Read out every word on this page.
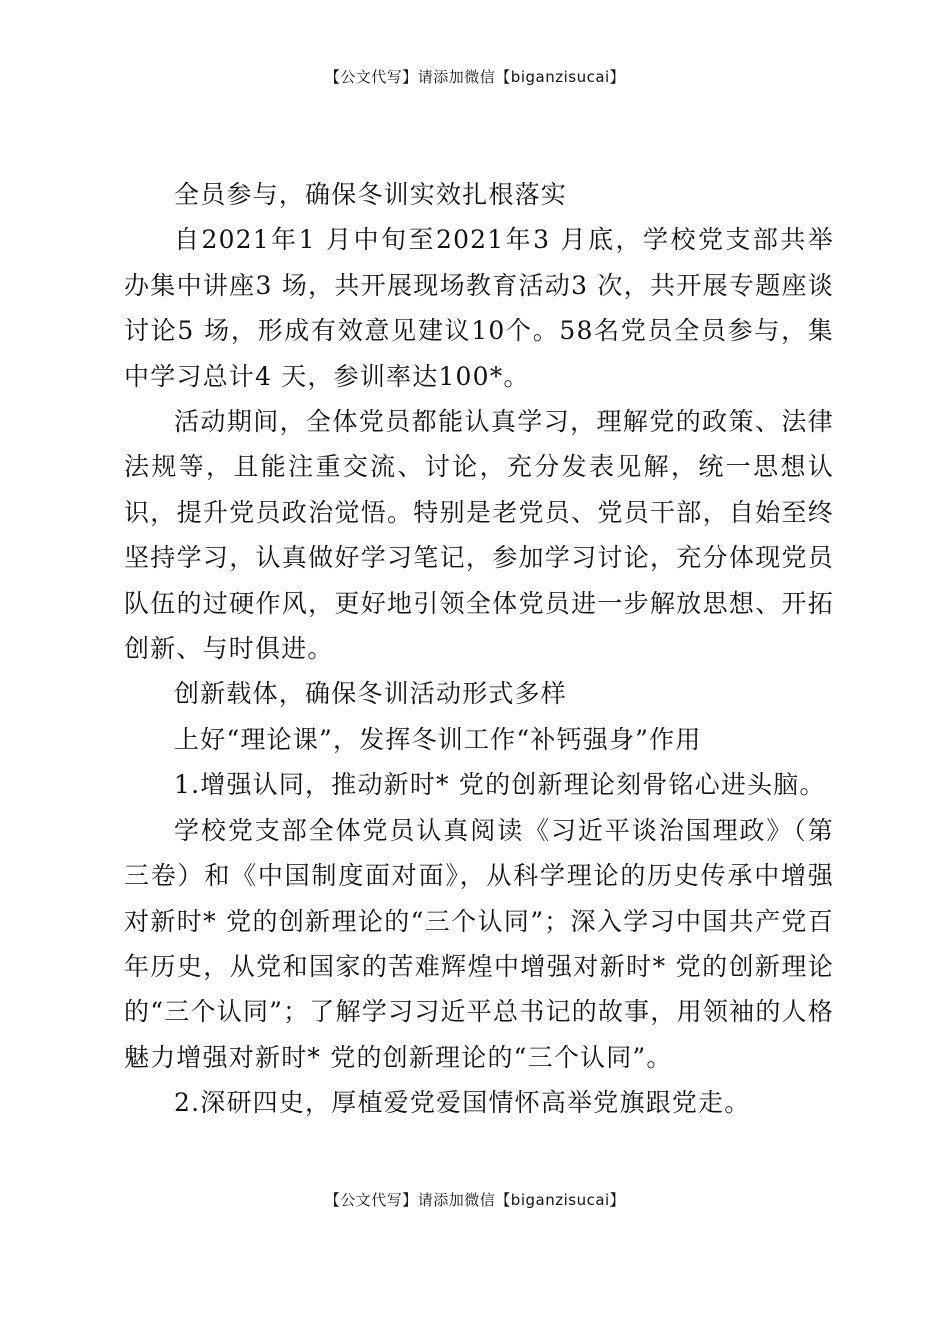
【公文代写】请添加微信【biganzisucai】

全员参与，确保冬训实效扎根落实

自2021年1 月中旬至2021年3 月底，学校党支部共举办集中讲座3 场，共开展现场教育活动3 次，共开展专题座谈讨论5 场，形成有效意见建议10个。58名党员全员参与，集中学习总计4 天，参训率达100*。

活动期间，全体党员都能认真学习，理解党的政策、法律法规等，且能注重交流、讨论，充分发表见解，统一思想认识，提升党员政治觉悟。特别是老党员、党员干部，自始至终坚持学习，认真做好学习笔记，参加学习讨论，充分体现党员队伍的过硬作风，更好地引领全体党员进一步解放思想、开拓创新、与时俱进。

创新载体，确保冬训活动形式多样

上好“理论课”，发挥冬训工作“补钙强身”作用

1.增强认同，推动新时* 党的创新理论刻骨铭心进头脑。

学校党支部全体党员认真阅读《习近平谈治国理政》（第三卷）和《中国制度面对面》，从科学理论的历史传承中增强对新时* 党的创新理论的“三个认同”；深入学习中国共产党百年历史，从党和国家的苦难辉煌中增强对新时* 党的创新理论的“三个认同”；了解学习习近平总书记的故事，用领袖的人格魅力增强对新时* 党的创新理论的“三个认同”。

2.深研四史，厚植爱党爱国情怀高举党旗跟党走。

【公文代写】请添加微信【biganzisucai】
